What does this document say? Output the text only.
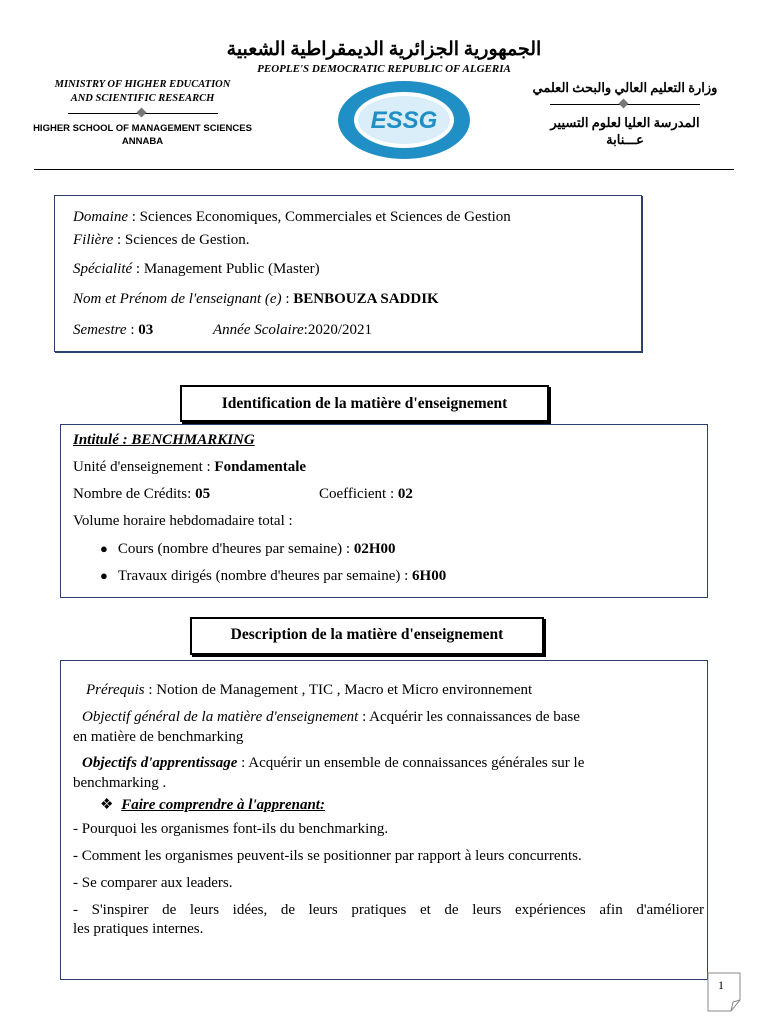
الجمهورية الجزائرية الديمقراطية الشعبية
PEOPLE'S DEMOCRATIC REPUBLIC OF ALGERIA
MINISTRY OF HIGHER EDUCATION
AND SCIENTIFIC RESEARCH
HIGHER SCHOOL OF MANAGEMENT SCIENCES
ANNABA
وزارة التعليم العالي والبحث العلمي
المدرسة العليا لعلوم التسيير
عـــنابة
ESSG
Domaine : Sciences Economiques, Commerciales et Sciences de Gestion
Filière : Sciences de Gestion.
Spécialité : Management Public (Master)
Nom et Prénom de l'enseignant (e) : BENBOUZA SADDIK
Semestre : 03	Année Scolaire:2020/2021
Identification de la matière d'enseignement
Intitulé : BENCHMARKING
Unité d'enseignement : Fondamentale
Nombre de Crédits: 05	Coefficient : 02
Volume horaire hebdomadaire total :
● Cours (nombre d'heures par semaine) : 02H00
● Travaux dirigés (nombre d'heures par semaine) : 6H00
Description de la matière d'enseignement
Prérequis : Notion de Management , TIC , Macro et Micro environnement
Objectif général de la matière d'enseignement : Acquérir les connaissances de base
en matière de benchmarking
Objectifs d'apprentissage : Acquérir un ensemble de connaissances générales sur le
benchmarking .
❖ Faire comprendre à l'apprenant:
- Pourquoi les organismes font-ils du benchmarking.
- Comment les organismes peuvent-ils se positionner par rapport à leurs concurrents.
- Se comparer aux leaders.
- S'inspirer de leurs idées, de leurs pratiques et de leurs expériences afin d'améliorer
les pratiques internes.
1
